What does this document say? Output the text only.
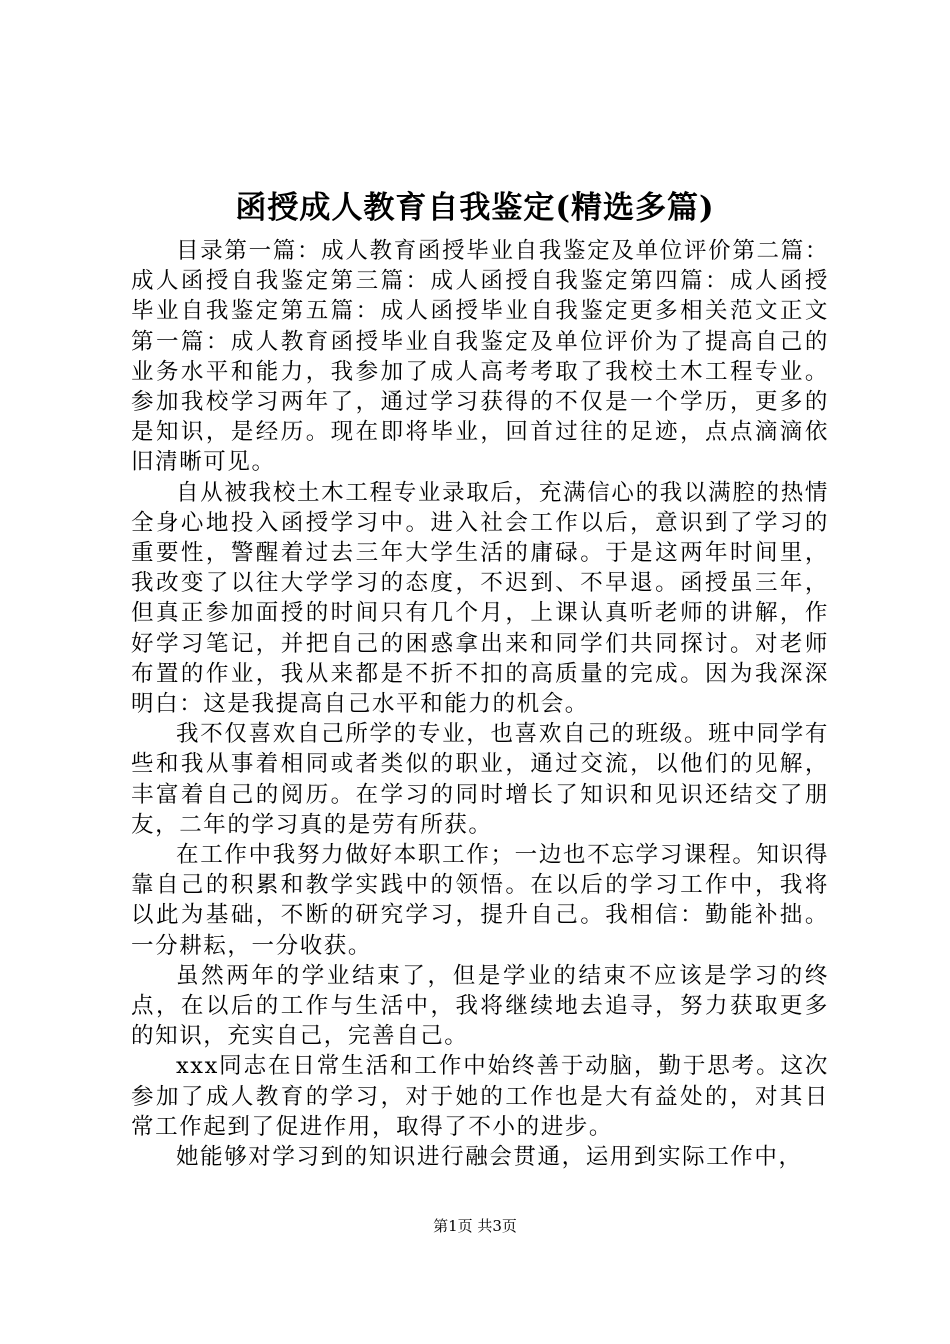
函授成人教育自我鉴定(精选多篇)

目录第一篇：成人教育函授毕业自我鉴定及单位评价第二篇：成人函授自我鉴定第三篇：成人函授自我鉴定第四篇：成人函授毕业自我鉴定第五篇：成人函授毕业自我鉴定更多相关范文正文第一篇：成人教育函授毕业自我鉴定及单位评价为了提高自己的业务水平和能力，我参加了成人高考考取了我校土木工程专业。参加我校学习两年了，通过学习获得的不仅是一个学历，更多的是知识，是经历。现在即将毕业，回首过往的足迹，点点滴滴依旧清晰可见。

自从被我校土木工程专业录取后，充满信心的我以满腔的热情全身心地投入函授学习中。进入社会工作以后，意识到了学习的重要性，警醒着过去三年大学生活的庸碌。于是这两年时间里，我改变了以往大学学习的态度，不迟到、不早退。函授虽三年，但真正参加面授的时间只有几个月，上课认真听老师的讲解，作好学习笔记，并把自己的困惑拿出来和同学们共同探讨。对老师布置的作业，我从来都是不折不扣的高质量的完成。因为我深深明白：这是我提高自己水平和能力的机会。

我不仅喜欢自己所学的专业，也喜欢自己的班级。班中同学有些和我从事着相同或者类似的职业，通过交流，以他们的见解，丰富着自己的阅历。在学习的同时增长了知识和见识还结交了朋友，二年的学习真的是劳有所获。

在工作中我努力做好本职工作；一边也不忘学习课程。知识得靠自己的积累和教学实践中的领悟。在以后的学习工作中，我将以此为基础，不断的研究学习，提升自己。我相信：勤能补拙。一分耕耘，一分收获。

虽然两年的学业结束了，但是学业的结束不应该是学习的终点，在以后的工作与生活中，我将继续地去追寻，努力获取更多的知识，充实自己，完善自己。

xxx同志在日常生活和工作中始终善于动脑，勤于思考。这次参加了成人教育的学习，对于她的工作也是大有益处的，对其日常工作起到了促进作用，取得了不小的进步。

她能够对学习到的知识进行融会贯通，运用到实际工作中，

第1页 共3页
